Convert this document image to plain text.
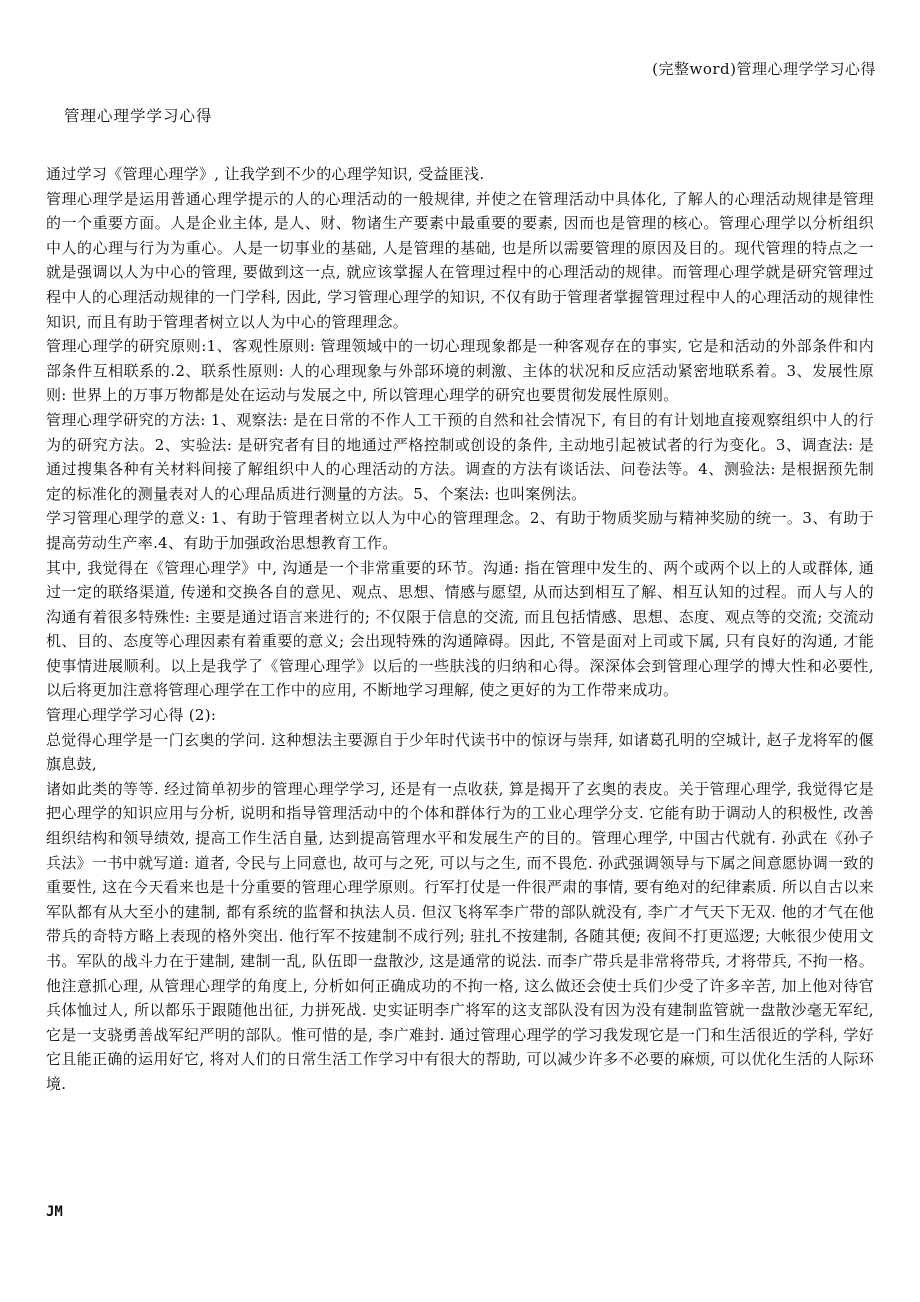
(完整word)管理心理学学习心得
管理心理学学习心得

通过学习《管理心理学》, 让我学到不少的心理学知识, 受益匪浅.

管理心理学是运用普通心理学提示的人的心理活动的一般规律, 并使之在管理活动中具体化, 了解人的心理活动规律是管理的一个重要方面。人是企业主体, 是人、财、物诸生产要素中最重要的要素, 因而也是管理的核心。管理心理学以分析组织中人的心理与行为为重心。人是一切事业的基础, 人是管理的基础, 也是所以需要管理的原因及目的。现代管理的特点之一就是强调以人为中心的管理, 要做到这一点, 就应该掌握人在管理过程中的心理活动的规律。而管理心理学就是研究管理过程中人的心理活动规律的一门学科, 因此, 学习管理心理学的知识, 不仅有助于管理者掌握管理过程中人的心理活动的规律性知识, 而且有助于管理者树立以人为中心的管理理念。

管理心理学的研究原则:1、客观性原则: 管理领域中的一切心理现象都是一种客观存在的事实, 它是和活动的外部条件和内部条件互相联系的.2、联系性原则: 人的心理现象与外部环境的刺激、主体的状况和反应活动紧密地联系着。3、发展性原则: 世界上的万事万物都是处在运动与发展之中, 所以管理心理学的研究也要贯彻发展性原则。

管理心理学研究的方法: 1、观察法: 是在日常的不作人工干预的自然和社会情况下, 有目的有计划地直接观察组织中人的行为的研究方法。2、实验法: 是研究者有目的地通过严格控制或创设的条件, 主动地引起被试者的行为变化。3、调查法: 是通过搜集各种有关材料间接了解组织中人的心理活动的方法。调查的方法有谈话法、问卷法等。4、测验法: 是根据预先制定的标准化的测量表对人的心理品质进行测量的方法。5、个案法: 也叫案例法。

学习管理心理学的意义: 1、有助于管理者树立以人为中心的管理理念。2、有助于物质奖励与精神奖励的统一。3、有助于提高劳动生产率.4、有助于加强政治思想教育工作。

其中, 我觉得在《管理心理学》中, 沟通是一个非常重要的环节。沟通: 指在管理中发生的、两个或两个以上的人或群体, 通过一定的联络渠道, 传递和交换各自的意见、观点、思想、情感与愿望, 从而达到相互了解、相互认知的过程。而人与人的沟通有着很多特殊性: 主要是通过语言来进行的; 不仅限于信息的交流, 而且包括情感、思想、态度、观点等的交流; 交流动机、目的、态度等心理因素有着重要的意义; 会出现特殊的沟通障碍。因此, 不管是面对上司或下属, 只有良好的沟通, 才能使事情进展顺利。以上是我学了《管理心理学》以后的一些肤浅的归纳和心得。深深体会到管理心理学的博大性和必要性, 以后将更加注意将管理心理学在工作中的应用, 不断地学习理解, 使之更好的为工作带来成功。

管理心理学学习心得 (2):

总觉得心理学是一门玄奥的学问. 这种想法主要源自于少年时代读书中的惊讶与崇拜, 如诸葛孔明的空城计, 赵子龙将军的偃旗息鼓,

诸如此类的等等. 经过简单初步的管理心理学学习, 还是有一点收获, 算是揭开了玄奥的表皮。关于管理心理学, 我觉得它是把心理学的知识应用与分析, 说明和指导管理活动中的个体和群体行为的工业心理学分支. 它能有助于调动人的积极性, 改善组织结构和领导绩效, 提高工作生活自量, 达到提高管理水平和发展生产的目的。管理心理学, 中国古代就有. 孙武在《孙子兵法》一书中就写道: 道者, 令民与上同意也, 故可与之死, 可以与之生, 而不畏危. 孙武强调领导与下属之间意愿协调一致的重要性, 这在今天看来也是十分重要的管理心理学原则。行军打仗是一件很严肃的事情, 要有绝对的纪律素质. 所以自古以来军队都有从大至小的建制, 都有系统的监督和执法人员. 但汉飞将军李广带的部队就没有, 李广才气天下无双. 他的才气在他带兵的奇特方略上表现的格外突出. 他行军不按建制不成行列; 驻扎不按建制, 各随其便; 夜间不打更巡逻; 大帐很少使用文书。军队的战斗力在于建制, 建制一乱, 队伍即一盘散沙, 这是通常的说法. 而李广带兵是非常将带兵, 才将带兵, 不拘一格。他注意抓心理, 从管理心理学的角度上, 分析如何正确成功的不拘一格, 这么做还会使士兵们少受了许多辛苦, 加上他对待官兵体恤过人, 所以都乐于跟随他出征, 力拼死战. 史实证明李广将军的这支部队没有因为没有建制监管就一盘散沙毫无军纪, 它是一支骁勇善战军纪严明的部队。惟可惜的是, 李广难封. 通过管理心理学的学习我发现它是一门和生活很近的学科, 学好它且能正确的运用好它, 将对人们的日常生活工作学习中有很大的帮助, 可以减少许多不必要的麻烦, 可以优化生活的人际环境.

JM
